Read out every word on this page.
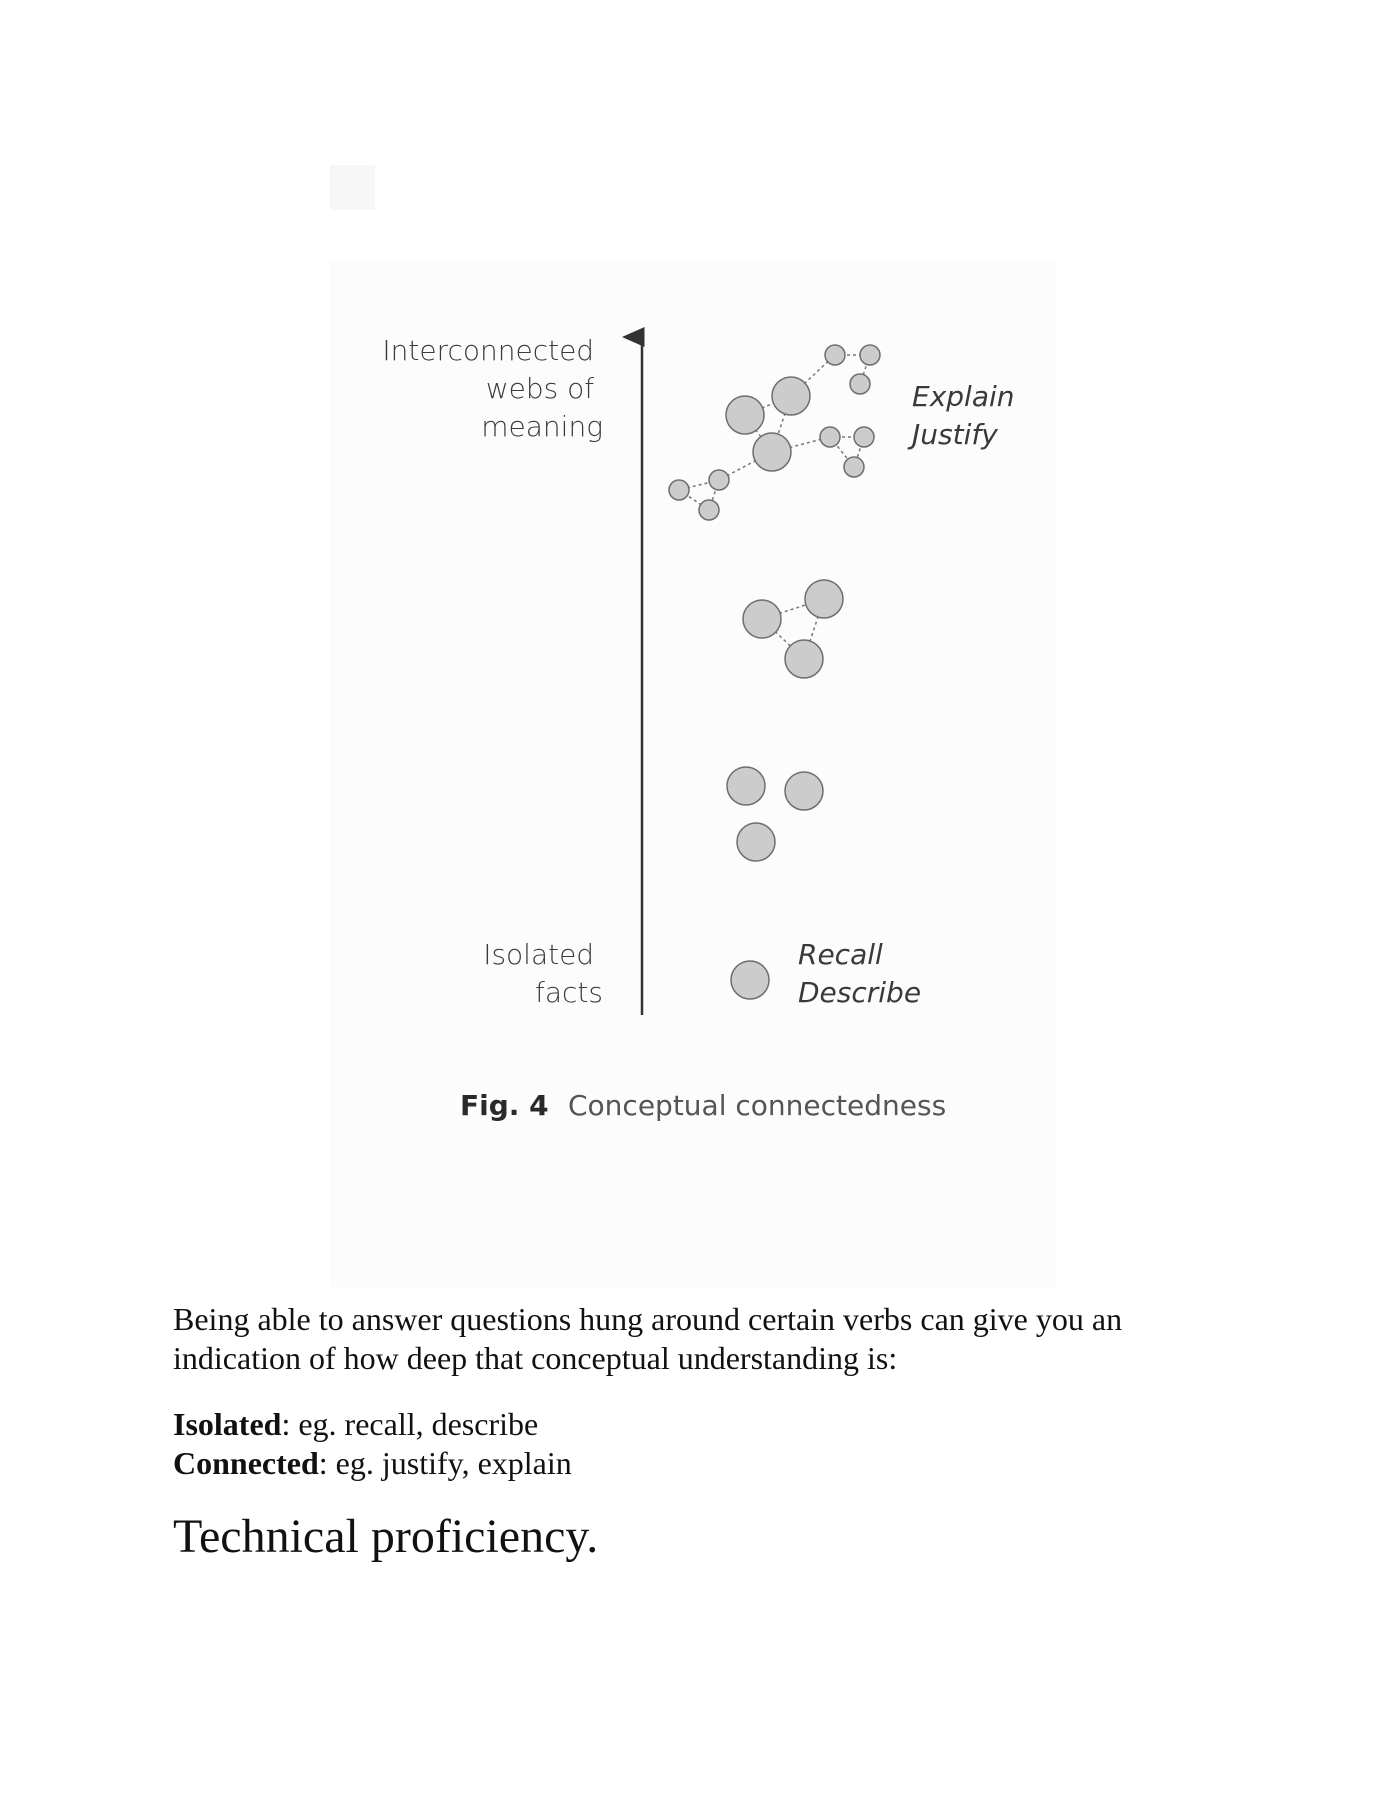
Interconnected webs of meaning
Isolated facts
Explain Justify
Recall Describe
Fig. 4 Conceptual connectedness
Being able to answer questions hung around certain verbs can give you an indication of how deep that conceptual understanding is:
Isolated: eg. recall, describe
Connected: eg. justify, explain
Technical proficiency.
